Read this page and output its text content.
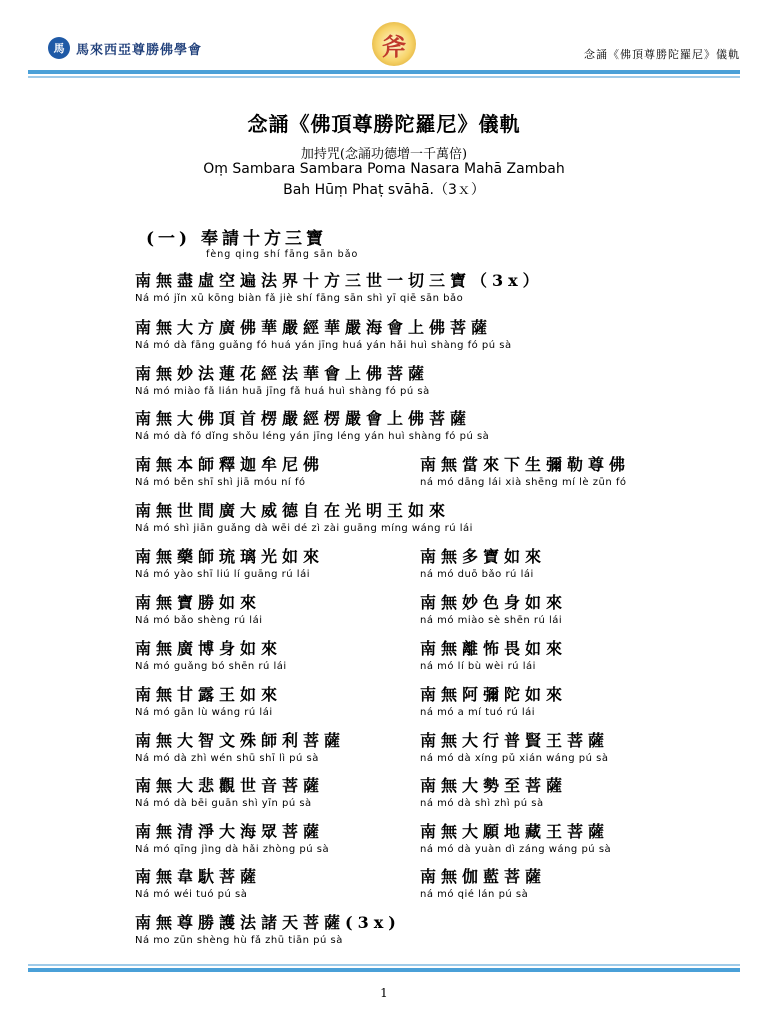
馬 馬來西亞尊勝佛學會	斧	念誦《佛頂尊勝陀羅尼》儀軌
念誦《佛頂尊勝陀羅尼》儀軌
加持咒(念誦功德增一千萬倍)
Oṃ Sambara Sambara Poma Nasara Mahā Zambah
Bah Hūṃ Phaṭ svāhā.（3ｘ）
(一) 奉請十方三寶
fèng qing shí fāng sān bǎo
南無盡虛空遍法界十方三世一切三寶（3x）
Ná mó jǐn xū kōng biàn fǎ jiè shí fāng sān shì yī qiē sān bǎo
南無大方廣佛華嚴經華嚴海會上佛菩薩
Ná mó dà fāng guǎng fó huá yán jīng huá yán hǎi huì shàng fó pú sà
南無妙法蓮花經法華會上佛菩薩
Ná mó miào fǎ lián huā jīng fǎ huá huì shàng fó pú sà
南無大佛頂首楞嚴經楞嚴會上佛菩薩
Ná mó dà fó dǐng shǒu léng yán jīng léng yán huì shàng fó pú sà
南無本師釋迦牟尼佛
Ná mó běn shī shì jiā móu ní fó
南無當來下生彌勒尊佛
ná mó dāng lái xià shēng mí lè zūn fó
南無世間廣大威德自在光明王如來
Ná mó shì jiān guǎng dà wēi dé zì zài guāng míng wáng rú lái
南無藥師琉璃光如來
Ná mó yào shī liú lí guāng rú lái
南無多寶如來
ná mó duō bǎo rú lái
南無寶勝如來
Ná mó bǎo shèng rú lái
南無妙色身如來
ná mó miào sè shēn rú lái
南無廣博身如來
Ná mó guǎng bó shēn rú lái
南無離怖畏如來
ná mó lí bù wèi rú lái
南無甘露王如來
Ná mó gān lù wáng rú lái
南無阿彌陀如來
ná mó a mí tuó rú lái
南無大智文殊師利菩薩
Ná mó dà zhì wén shū shī lì pú sà
南無大行普賢王菩薩
ná mó dà xíng pǔ xián wáng pú sà
南無大悲觀世音菩薩
Ná mó dà bēi guān shì yīn pú sà
南無大勢至菩薩
ná mó dà shì zhì pú sà
南無清淨大海眾菩薩
Ná mó qīng jìng dà hǎi zhòng pú sà
南無大願地藏王菩薩
ná mó dà yuàn dì záng wáng pú sà
南無韋馱菩薩
Ná mó wéi tuó pú sà
南無伽藍菩薩
ná mó qié lán pú sà
南無尊勝護法諸天菩薩(3x)
Ná mo zūn shèng hù fǎ zhū tiān pú sà
1
